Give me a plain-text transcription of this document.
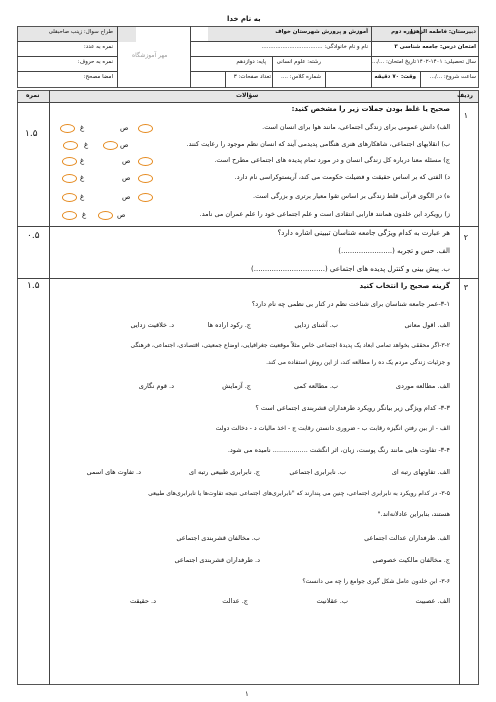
به نام خدا
طراح سوال: زینب صاحبقلی
نمره به عدد:
نمره به حروف:
امضا مصحح:
مهر آموزشگاه
آموزش و پرورش شهرستان خواف
نام و نام خانوادگی: ...................................
رشته: علوم انسانی
پایه: دوازدهم
شماره کلاس: ....
تعداد صفحات: ۳
دبیرستان: فاطمه الزهرا
دوره دوم
امتحان درس: جامعه شناسی ۳
سال تحصیلی: ۱۴۰۱-۱۴۰۲
تاریخ امتحان: .../...
ساعت شروع: .../...
وقت: ۷۰ دقیقه
ردیف
سؤالات
نمره
۱
۱.۵
صحیح یا غلط بودن جملات زیر را مشخص کنید:
الف) دانش عمومی برای زندگی اجتماعی، مانند هوا برای انسان است.
ب) انقلابهای اجتماعی، شاهکارهای هنری هنگامی پدیدمی آیند که انسان نظم موجود را رعایت کنند.
ج) مسئله معنا درباره کل زندگی انسان و در مورد تمام پدیده های اجتماعی مطرح است.
د) الفتی که بر اساس حقیقت و فضیلت حکومت می کند، آریستوکراسی نام دارد.
ه) در الگوی قرآنی قلط زندگی بر اساس تقوا معیار برتری و بزرگی است.
ز) رویکرد ابن خلدون همانند فارابی انتقادی است و علم اجتماعی خود را علم عمران می نامد.
ص
غ
ص
غ
ص
غ
ص
غ
ص
غ
ص
غ
۲
۰.۵	هر عبارت به کدام ویژگی جامعه شناسان تبیینی اشاره دارد؟
الف. حس و تجربه (.......................)
ب. پیش بینی و کنترل پدیده های اجتماعی (................................)
۳
۱.۵	گزینه صحیح را انتخاب کنید
۳-۱-عمر جامعه شناسان برای شناخت نظم در کنار بی نظمی چه نام دارد؟
الف. اقول معانی
ب. آشنای زدایی
ج. رکود اراده ها
د. خلاقیت زدایی
۳-۲-اگر محققی بخواهد تمامی ابعاد یک پدیدهٔ اجتماعی خاص مثلاً موقعیت جغرافیایی، اوضاع جمعیتی، اقتصادی، اجتماعی، فرهنگی
و جزئیات زندگی مردم یک ده را مطالعه کند، از این روش استفاده می کند.
الف. مطالعه موردی
ب. مطالعه کمی
ج. آزمایش
د. قوم نگاری
۳-۳- کدام ویژگی زیر بیانگر رویکرد طرفداران قشربندی اجتماعی است ؟
الف - از بین رفتن انگیزه رقابت ب - ضروری دانستن رقابت ج - اخذ مالیات د - دخالت دولت
۳-۴- تفاوت هایی مانند رنگ پوست، زبان، اثر انگشت ................. نامیده می شود.
الف. تفاوتهای رتبه ای
ب. نابرابری اجتماعی
ج. نابرابری طبیعی رتبه ای
د. تفاوت های اسمی
۳-۵- در کدام رویکرد به نابرابری اجتماعی، چنین می پندارند که "نابرابری‌های اجتماعی نتیجه تفاوت‌ها یا نابرابری‌های طبیعی
هستند، بنابراین عادلانه‌اند."
الف. طرفداران عدالت اجتماعی
ب. مخالفان قشربندی اجتماعی
ج. مخالفان مالکیت خصوصی
د. طرفداران قشربندی اجتماعی
۳-۶- ابن خلدون عامل شکل گیری جوامع را چه می دانست؟
الف. عصبیت
ب. عقلانیت
ج. عدالت
د. حقیقت
۱
